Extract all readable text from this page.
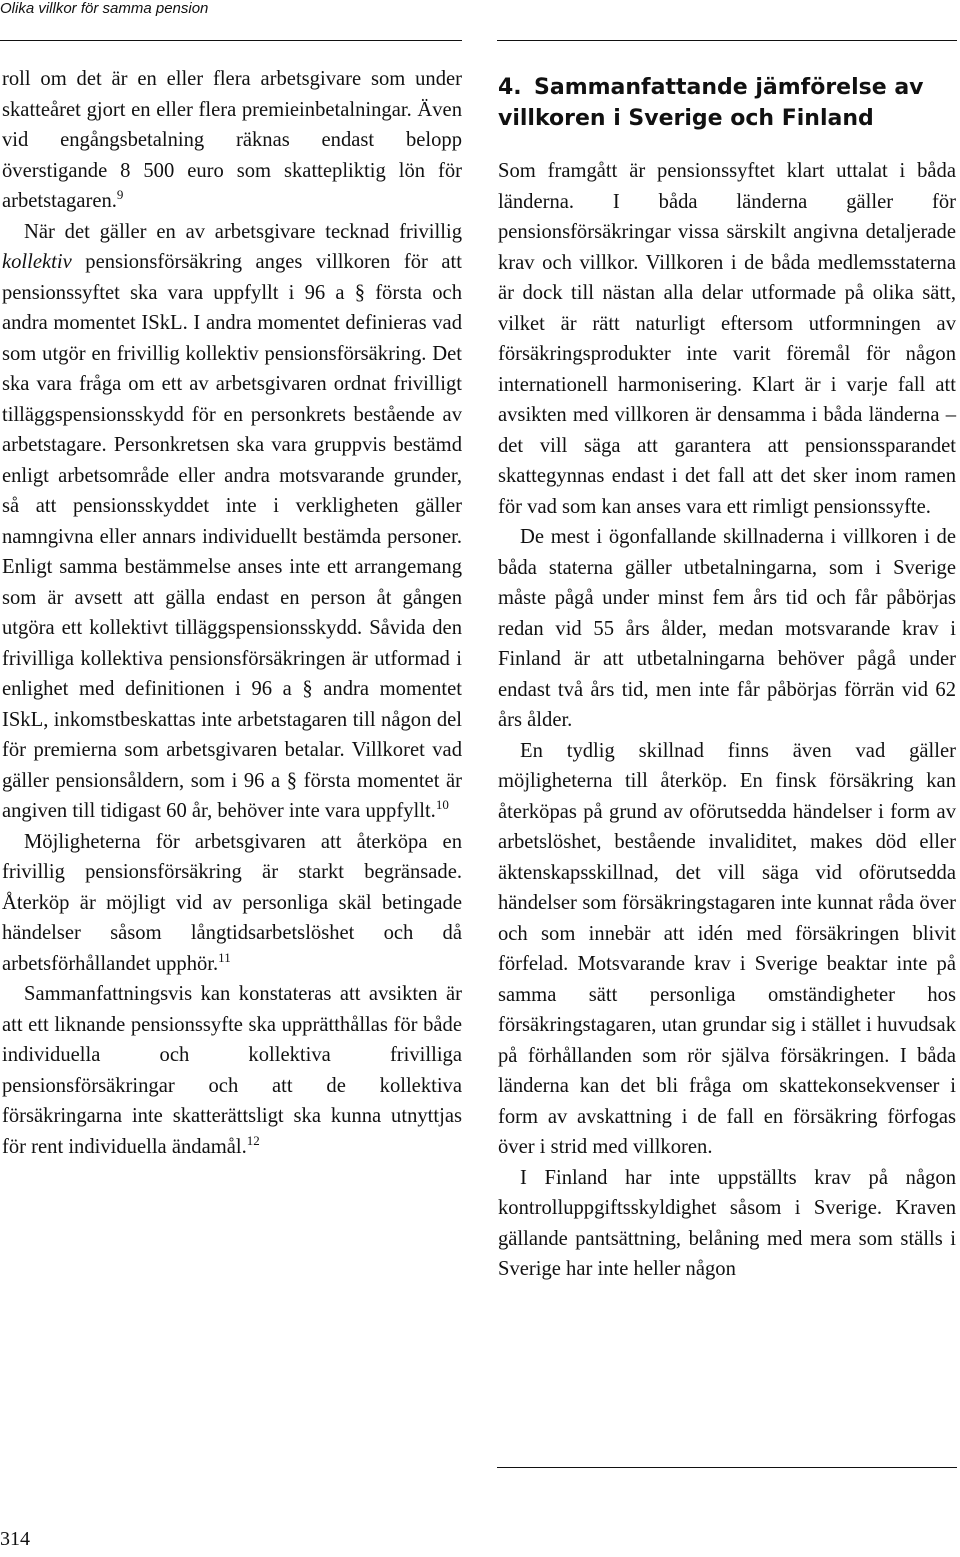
Olika villkor för samma pension

roll om det är en eller flera arbetsgivare som under skatteåret gjort en eller flera premieinbetalningar. Även vid engångsbetalning räknas endast belopp överstigande 8 500 euro som skattepliktig lön för arbetstagaren.$^9$

När det gäller en av arbetsgivare tecknad frivillig kollektiv pensionsförsäkring anges villkoren för att pensionssyftet ska vara uppfyllt i 96 a § första och andra momentet ISkL. I andra momentet definieras vad som utgör en frivillig kollektiv pensionsförsäkring. Det ska vara fråga om ett av arbetsgivaren ordnat frivilligt tilläggspensionsskydd för en personkrets bestående av arbetstagare. Personkretsen ska vara gruppvis bestämd enligt arbetsområde eller andra motsvarande grunder, så att pensionsskyddet inte i verkligheten gäller namngivna eller annars individuellt bestämda personer. Enligt samma bestämmelse anses inte ett arrangemang som är avsett att gälla endast en person åt gången utgöra ett kollektivt tilläggspensionsskydd. Såvida den frivilliga kollektiva pensionsförsäkringen är utformad i enlighet med definitionen i 96 a § andra momentet ISkL, inkomstbeskattas inte arbetstagaren till någon del för premierna som arbetsgivaren betalar. Villkoret vad gäller pensionsåldern, som i 96 a § första momentet är angiven till tidigast 60 år, behöver inte vara uppfyllt.$^{10}$

Möjligheterna för arbetsgivaren att återköpa en frivillig pensionsförsäkring är starkt begränsade. Återköp är möjligt vid av personliga skäl betingade händelser såsom långtidsarbetslöshet och då arbetsförhållandet upphör.$^{11}$

Sammanfattningsvis kan konstateras att avsikten är att ett liknande pensionssyfte ska upprätthållas för både individuella och kollektiva frivilliga pensionsförsäkringar och att de kollektiva försäkringarna inte skatterättsligt ska kunna utnyttjas för rent individuella ändamål.$^{12}$

4. Sammanfattande jämförelse av villkoren i Sverige och Finland

Som framgått är pensionssyftet klart uttalat i båda länderna. I båda länderna gäller för pensionsförsäkringar vissa särskilt angivna detaljerade krav och villkor. Villkoren i de båda medlemsstaterna är dock till nästan alla delar utformade på olika sätt, vilket är rätt naturligt eftersom utformningen av försäkringsprodukter inte varit föremål för någon internationell harmonisering. Klart är i varje fall att avsikten med villkoren är densamma i båda länderna – det vill säga att garantera att pensionssparandet skattegynnas endast i det fall att det sker inom ramen för vad som kan anses vara ett rimligt pensionssyfte.

De mest i ögonfallande skillnaderna i villkoren i de båda staterna gäller utbetalningarna, som i Sverige måste pågå under minst fem års tid och får påbörjas redan vid 55 års ålder, medan motsvarande krav i Finland är att utbetalningarna behöver pågå under endast två års tid, men inte får påbörjas förrän vid 62 års ålder.

En tydlig skillnad finns även vad gäller möjligheterna till återköp. En finsk försäkring kan återköpas på grund av oförutsedda händelser i form av arbetslöshet, bestående invaliditet, makes död eller äktenskapsskillnad, det vill säga vid oförutsedda händelser som försäkringstagaren inte kunnat råda över och som innebär att idén med försäkringen blivit förfelad. Motsvarande krav i Sverige beaktar inte på samma sätt personliga omständigheter hos försäkringstagaren, utan grundar sig i stället i huvudsak på förhållanden som rör själva försäkringen. I båda länderna kan det bli fråga om skattekonsekvenser i form av avskattning i de fall en försäkring förfogas över i strid med villkoren.

I Finland har inte uppställts krav på någon kontrolluppgiftsskyldighet såsom i Sverige. Kraven gällande pantsättning, belåning med mera som ställs i Sverige har inte heller någon

314
